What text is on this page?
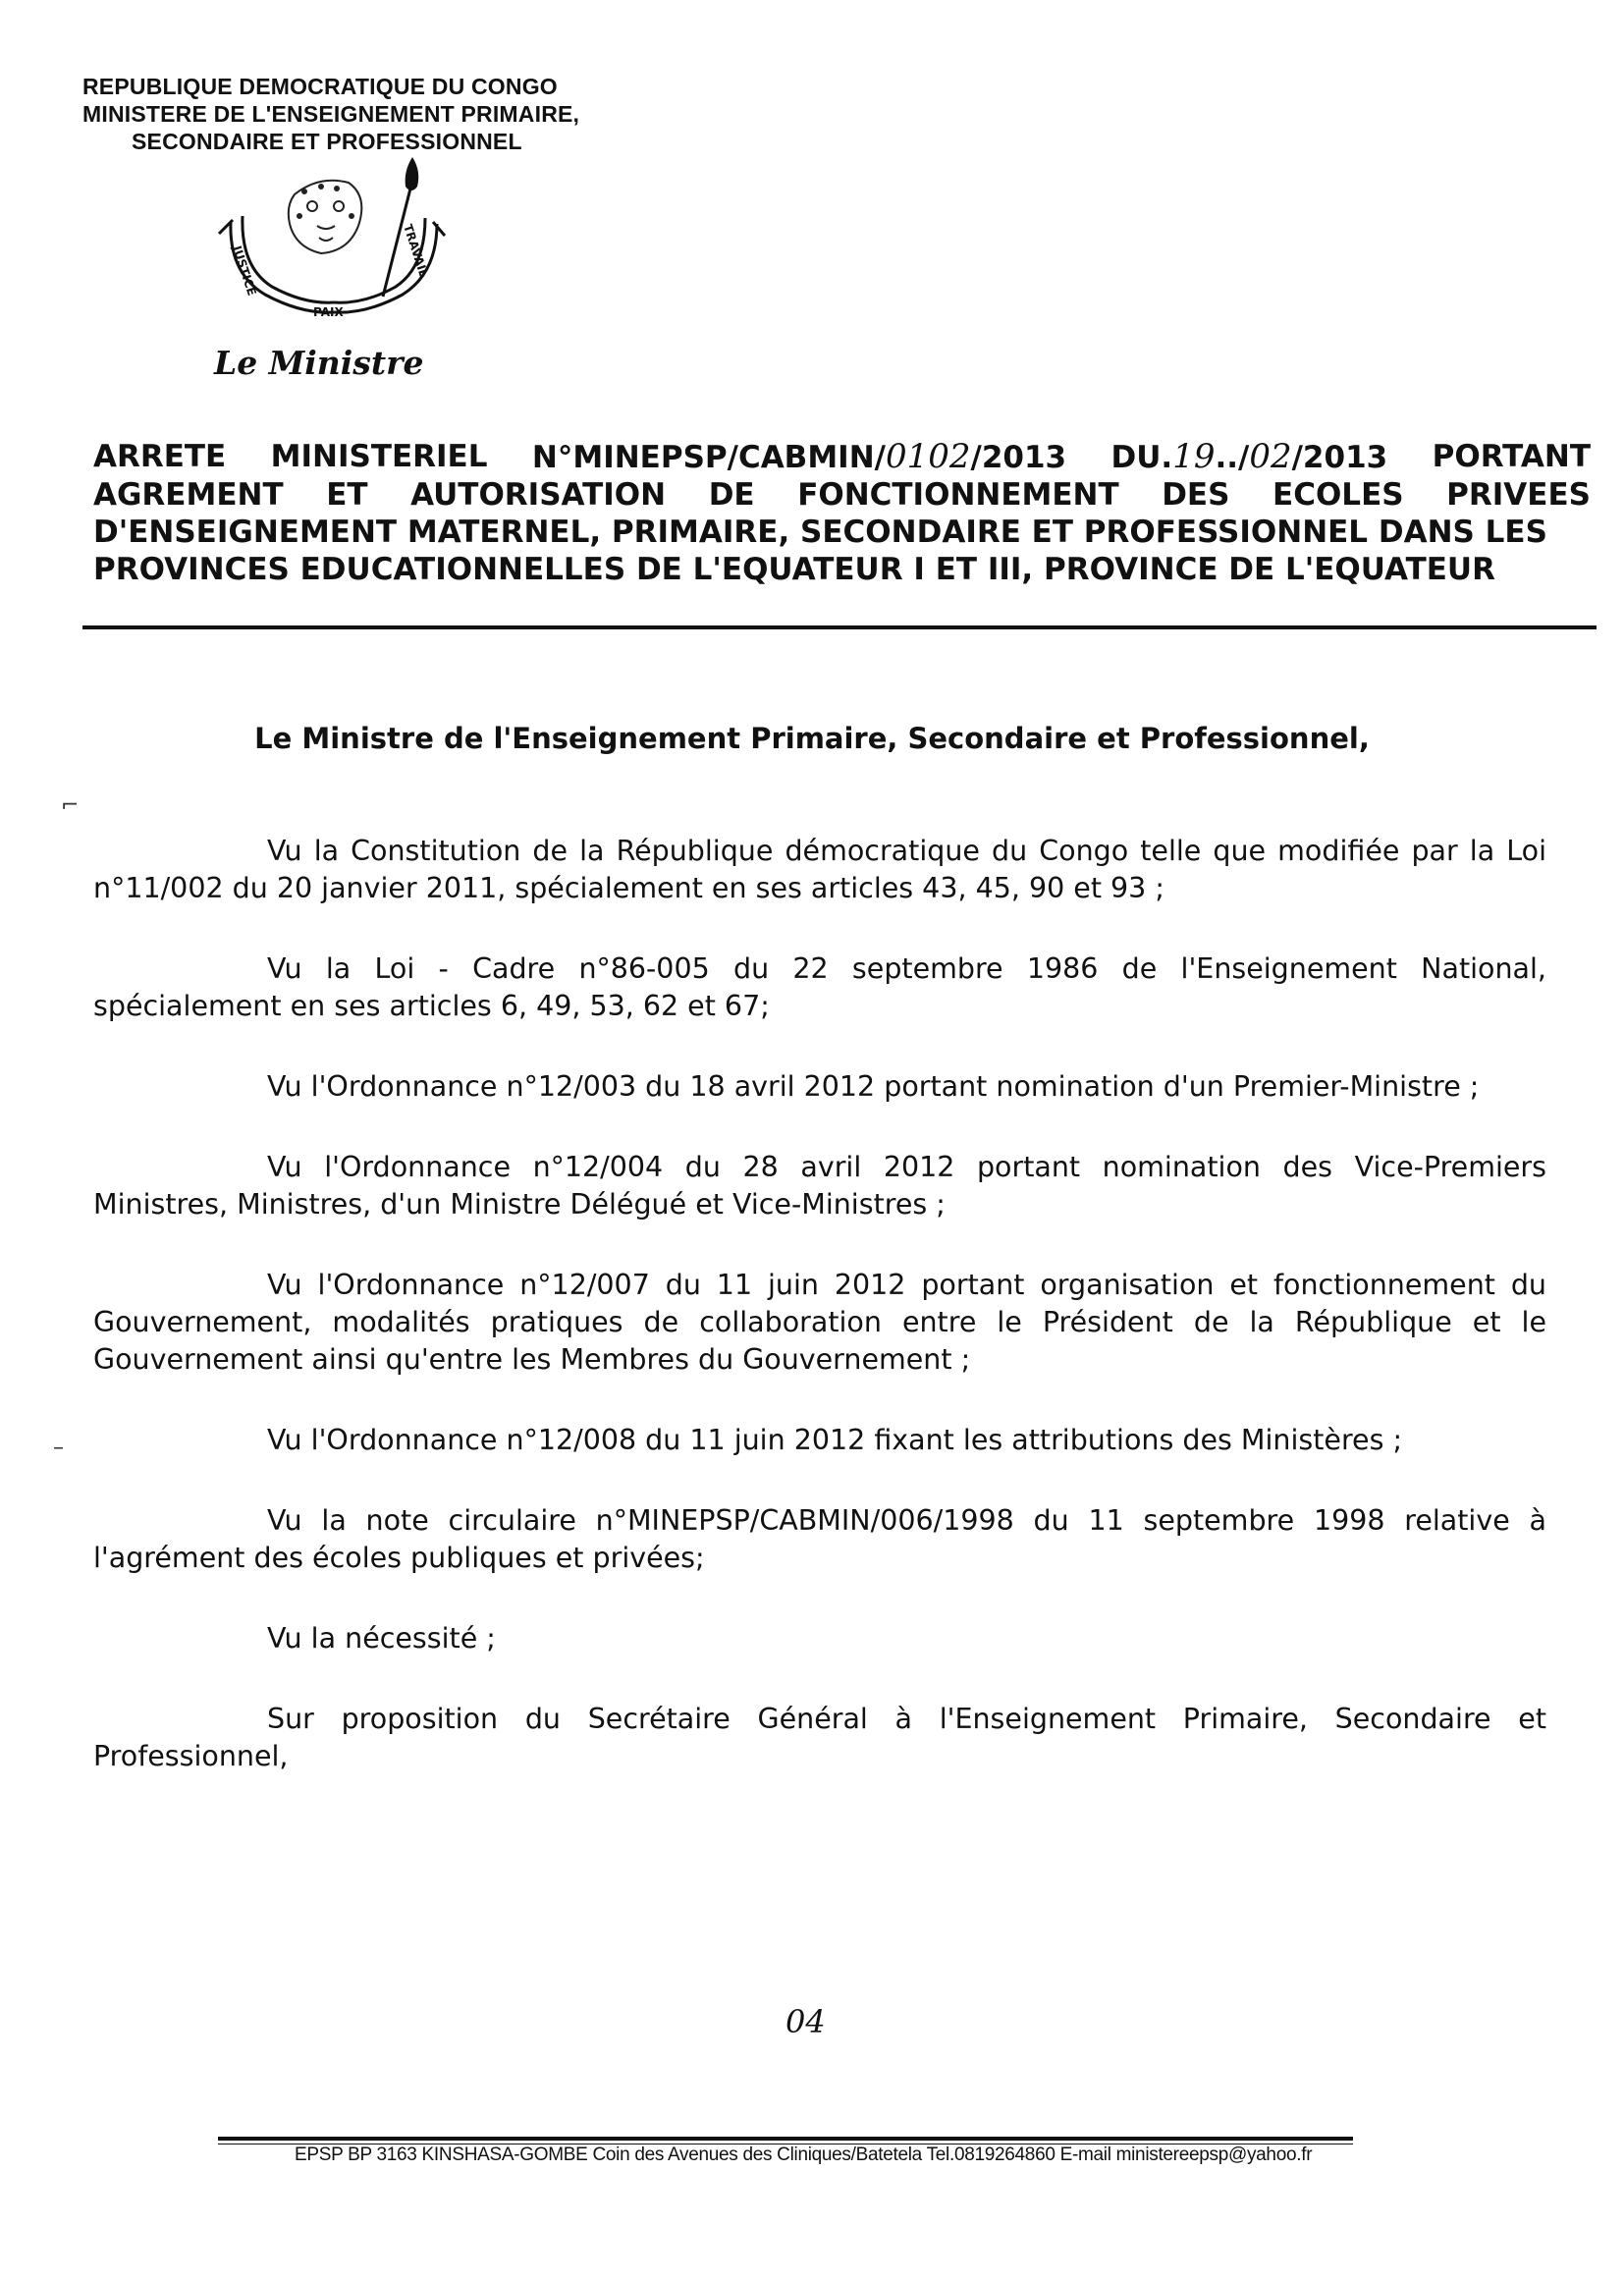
REPUBLIQUE DEMOCRATIQUE DU CONGO
MINISTERE DE L'ENSEIGNEMENT PRIMAIRE,
SECONDAIRE ET PROFESSIONNEL
JUSTICE
PAIX
TRAVAIL
Le Ministre
ARRETE MINISTERIEL N°MINEPSP/CABMIN/0102/2013 DU.19../02/2013 PORTANT
AGREMENT ET AUTORISATION DE FONCTIONNEMENT DES ECOLES PRIVEES
D'ENSEIGNEMENT MATERNEL, PRIMAIRE, SECONDAIRE ET PROFESSIONNEL DANS LES
PROVINCES EDUCATIONNELLES DE L'EQUATEUR I ET III, PROVINCE DE L'EQUATEUR
Le Ministre de l'Enseignement Primaire, Secondaire et Professionnel,

Vu la Constitution de la République démocratique du Congo telle que modifiée par la Loi n°11/002 du 20 janvier 2011, spécialement en ses articles 43, 45, 90 et 93 ;

Vu la Loi - Cadre n°86-005 du 22 septembre 1986 de l'Enseignement National, spécialement en ses articles 6, 49, 53, 62 et 67;

Vu l'Ordonnance n°12/003 du 18 avril 2012 portant nomination d'un Premier-Ministre ;

Vu l'Ordonnance n°12/004 du 28 avril 2012 portant nomination des Vice-Premiers Ministres, Ministres, d'un Ministre Délégué et Vice-Ministres ;

Vu l'Ordonnance n°12/007 du 11 juin 2012 portant organisation et fonctionnement du Gouvernement, modalités pratiques de collaboration entre le Président de la République et le Gouvernement ainsi qu'entre les Membres du Gouvernement ;

Vu l'Ordonnance n°12/008 du 11 juin 2012 fixant les attributions des Ministères ;

Vu la note circulaire n°MINEPSP/CABMIN/006/1998 du 11 septembre 1998 relative à l'agrément des écoles publiques et privées;

Vu la nécessité ;

Sur proposition du Secrétaire Général à l'Enseignement Primaire, Secondaire et Professionnel,

04
⌐
–
EPSP BP 3163 KINSHASA-GOMBE Coin des Avenues des Cliniques/Batetela Tel.0819264860 E-mail ministereepsp@yahoo.fr
